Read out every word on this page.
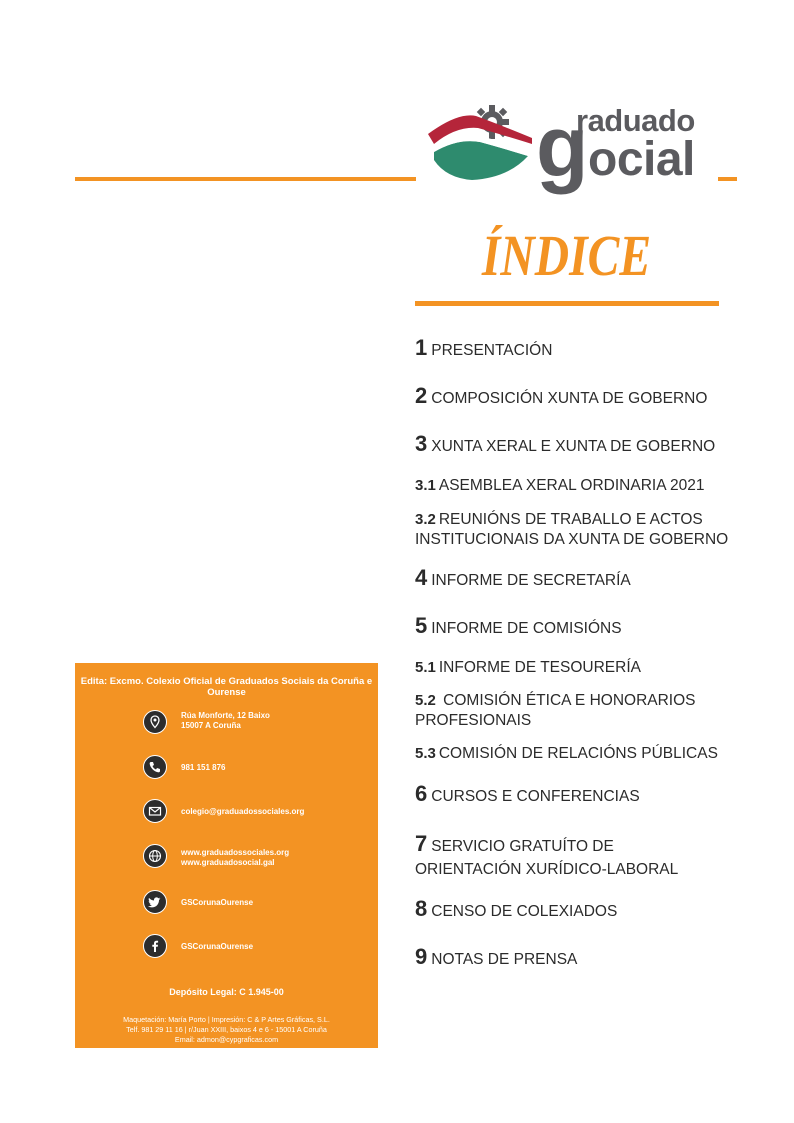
g
raduado
ocial
ÍNDICE
1 PRESENTACIÓN
2 COMPOSICIÓN XUNTA DE GOBERNO
3 XUNTA XERAL E XUNTA DE GOBERNO
3.1 ASEMBLEA XERAL ORDINARIA 2021
3.2 REUNIÓNS DE TRABALLO E ACTOS INSTITUCIONAIS DA XUNTA DE GOBERNO
4 INFORME DE SECRETARÍA
5 INFORME DE COMISIÓNS
5.1 INFORME DE TESOURERÍA
5.2 COMISIÓN ÉTICA E HONORARIOS PROFESIONAIS
5.3 COMISIÓN DE RELACIÓNS PÚBLICAS
6 CURSOS E CONFERENCIAS
7 SERVICIO GRATUÍTO DE ORIENTACIÓN XURÍDICO-LABORAL
8 CENSO DE COLEXIADOS
9 NOTAS DE PRENSA
Edita: Excmo. Colexio Oficial de Graduados Sociais da Coruña e Ourense
Rúa Monforte, 12 Baixo
15007 A Coruña
981 151 876
colegio@graduadossociales.org
www.graduadossociales.org
www.graduadosocial.gal
GSCorunaOurense
GSCorunaOurense
Depósito Legal: C 1.945-00
Maquetación: María Porto | Impresión: C & P Artes Gráficas, S.L.
Telf. 981 29 11 16 | r/Juan XXIII, baixos 4 e 6 - 15001 A Coruña
Email: admon@cypgraficas.com
